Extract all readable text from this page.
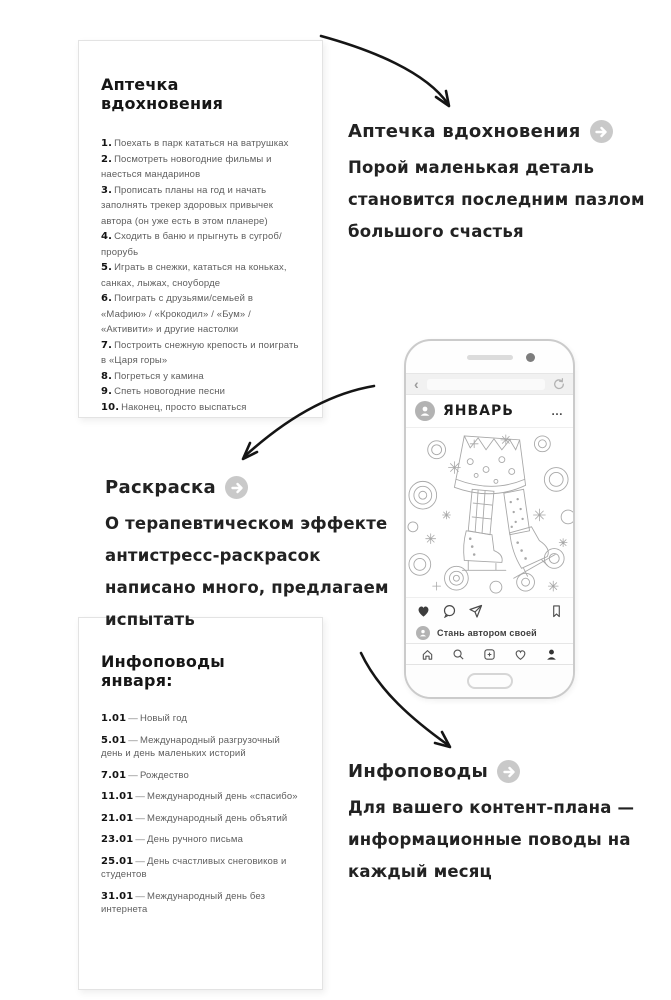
Аптечка вдохновения
1. Поехать в парк кататься на ватрушках
2. Посмотреть новогодние фильмы и наесться мандаринов
3. Прописать планы на год и начать заполнять трекер здоровых привычек автора (он уже есть в этом планере)
4. Сходить в баню и прыгнуть в сугроб/ прорубь
5. Играть в снежки, кататься на коньках, санках, лыжах, сноуборде
6. Поиграть с друзьями/семьей в «Мафию» / «Крокодил» / «Бум» / «Активити» и другие настолки
7. Построить снежную крепость и поиграть в «Царя горы»
8. Погреться у камина
9. Спеть новогодние песни
10. Наконец, просто выспаться
Аптечка вдохновения

Порой маленькая деталь становится последним пазлом большого счастья

‹
ЯНВАРЬ	…
Стань автором своей
Раскраска

О терапевтическом эффекте антистресс-раскрасок написано много, предлагаем испытать

Инфоповоды января:
1.01 — Новый год
5.01 — Международный разгрузочный день и день маленьких историй
7.01 — Рождество
11.01 — Международный день «спасибо»
21.01 — Международный день объятий
23.01 — День ручного письма
25.01 — День счастливых снеговиков и студентов
31.01 — Международный день без интернета
Инфоповоды

Для вашего контент-плана — информационные поводы на каждый месяц
